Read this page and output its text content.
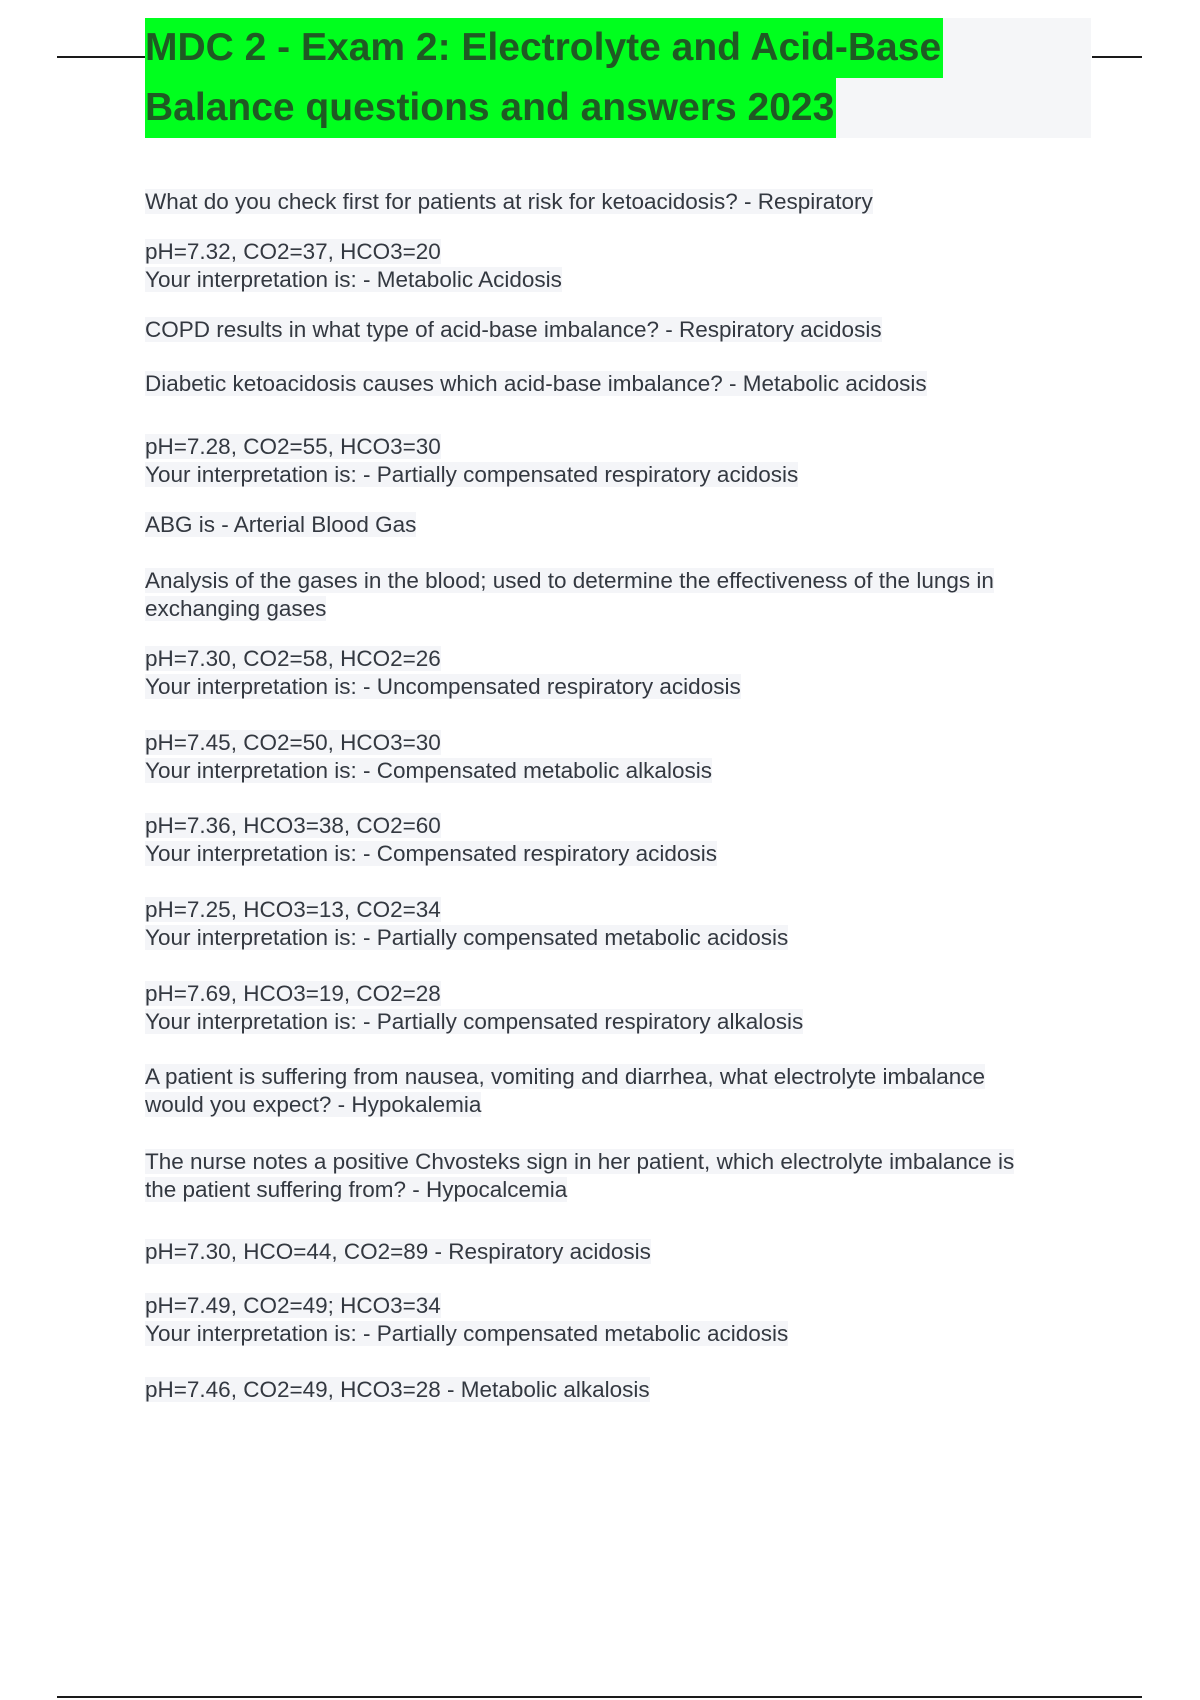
MDC 2 - Exam 2: Electrolyte and Acid-Base
Balance questions and answers 2023
What do you check first for patients at risk for ketoacidosis? - Respiratory
pH=7.32, CO2=37, HCO3=20
Your interpretation is: - Metabolic Acidosis
COPD results in what type of acid-base imbalance? - Respiratory acidosis
Diabetic ketoacidosis causes which acid-base imbalance? - Metabolic acidosis
pH=7.28, CO2=55, HCO3=30
Your interpretation is: - Partially compensated respiratory acidosis
ABG is - Arterial Blood Gas
Analysis of the gases in the blood; used to determine the effectiveness of the lungs in
exchanging gases
pH=7.30, CO2=58, HCO2=26
Your interpretation is: - Uncompensated respiratory acidosis
pH=7.45, CO2=50, HCO3=30
Your interpretation is: - Compensated metabolic alkalosis
pH=7.36, HCO3=38, CO2=60
Your interpretation is: - Compensated respiratory acidosis
pH=7.25, HCO3=13, CO2=34
Your interpretation is: - Partially compensated metabolic acidosis
pH=7.69, HCO3=19, CO2=28
Your interpretation is: - Partially compensated respiratory alkalosis
A patient is suffering from nausea, vomiting and diarrhea, what electrolyte imbalance
would you expect? - Hypokalemia
The nurse notes a positive Chvosteks sign in her patient, which electrolyte imbalance is
the patient suffering from? - Hypocalcemia
pH=7.30, HCO=44, CO2=89 - Respiratory acidosis
pH=7.49, CO2=49; HCO3=34
Your interpretation is: - Partially compensated metabolic acidosis
pH=7.46, CO2=49, HCO3=28 - Metabolic alkalosis
